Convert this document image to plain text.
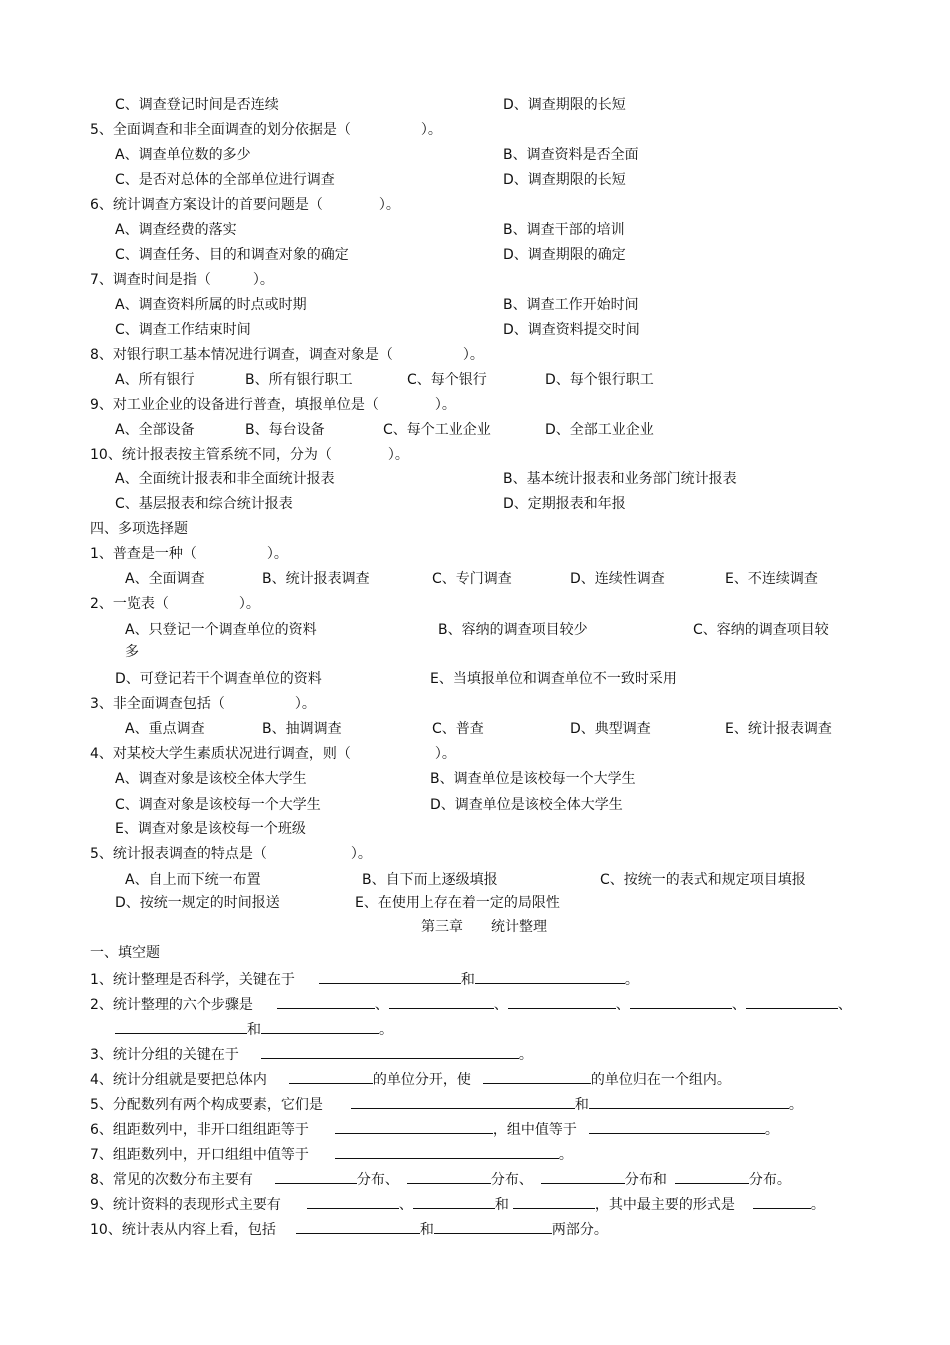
C、调查登记时间是否连续	D、调查期限的长短
5、全面调查和非全面调查的划分依据是（　　　　　）。
A、调查单位数的多少	B、调查资料是否全面
C、是否对总体的全部单位进行调查	D、调查期限的长短
6、统计调查方案设计的首要问题是（　　　　）。
A、调查经费的落实	B、调查干部的培训
C、调查任务、目的和调查对象的确定	D、调查期限的确定
7、调查时间是指（　　　）。
A、调查资料所属的时点或时期	B、调查工作开始时间
C、调查工作结束时间	D、调查资料提交时间
8、对银行职工基本情况进行调查，调查对象是（　　　　　）。
A、所有银行	B、所有银行职工	C、每个银行	D、每个银行职工
9、对工业企业的设备进行普查，填报单位是（　　　　）。
A、全部设备	B、每台设备	C、每个工业企业	D、全部工业企业
10、统计报表按主管系统不同，分为（　　　　）。
A、全面统计报表和非全面统计报表	B、基本统计报表和业务部门统计报表
C、基层报表和综合统计报表	D、定期报表和年报
四、多项选择题
1、普查是一种（　　　　　）。
A、全面调查	B、统计报表调查	C、专门调查	D、连续性调查	E、不连续调查
2、一览表（　　　　　）。
A、只登记一个调查单位的资料	B、容纳的调查项目较少	C、容纳的调查项目较
多
D、可登记若干个调查单位的资料	E、当填报单位和调查单位不一致时采用
3、非全面调查包括（　　　　　）。
A、重点调查	B、抽调调查	C、普查	D、典型调查	E、统计报表调查
4、对某校大学生素质状况进行调查，则（　　　　　　）。
A、调查对象是该校全体大学生	B、调查单位是该校每一个大学生
C、调查对象是该校每一个大学生	D、调查单位是该校全体大学生
E、调查对象是该校每一个班级
5、统计报表调查的特点是（　　　　　　）。
A、自上而下统一布置	B、自下而上逐级填报	C、按统一的表式和规定项目填报
D、按统一规定的时间报送	E、在使用上存在着一定的局限性
第三章　　统计整理
一、填空题
1、统计整理是否科学，关键在于	和	。
2、统计整理的六个步骤是	、	、	、	、	、
和	。
3、统计分组的关键在于	。
4、统计分组就是要把总体内	的单位分开，使	的单位归在一个组内。
5、分配数列有两个构成要素，它们是	和	。
6、组距数列中，非开口组组距等于	，组中值等于	。
7、组距数列中，开口组组中值等于	。
8、常见的次数分布主要有	分布、	分布、	分布和	分布。
9、统计资料的表现形式主要有	、	和	，其中最主要的形式是	。
10、统计表从内容上看，包括	和	两部分。
